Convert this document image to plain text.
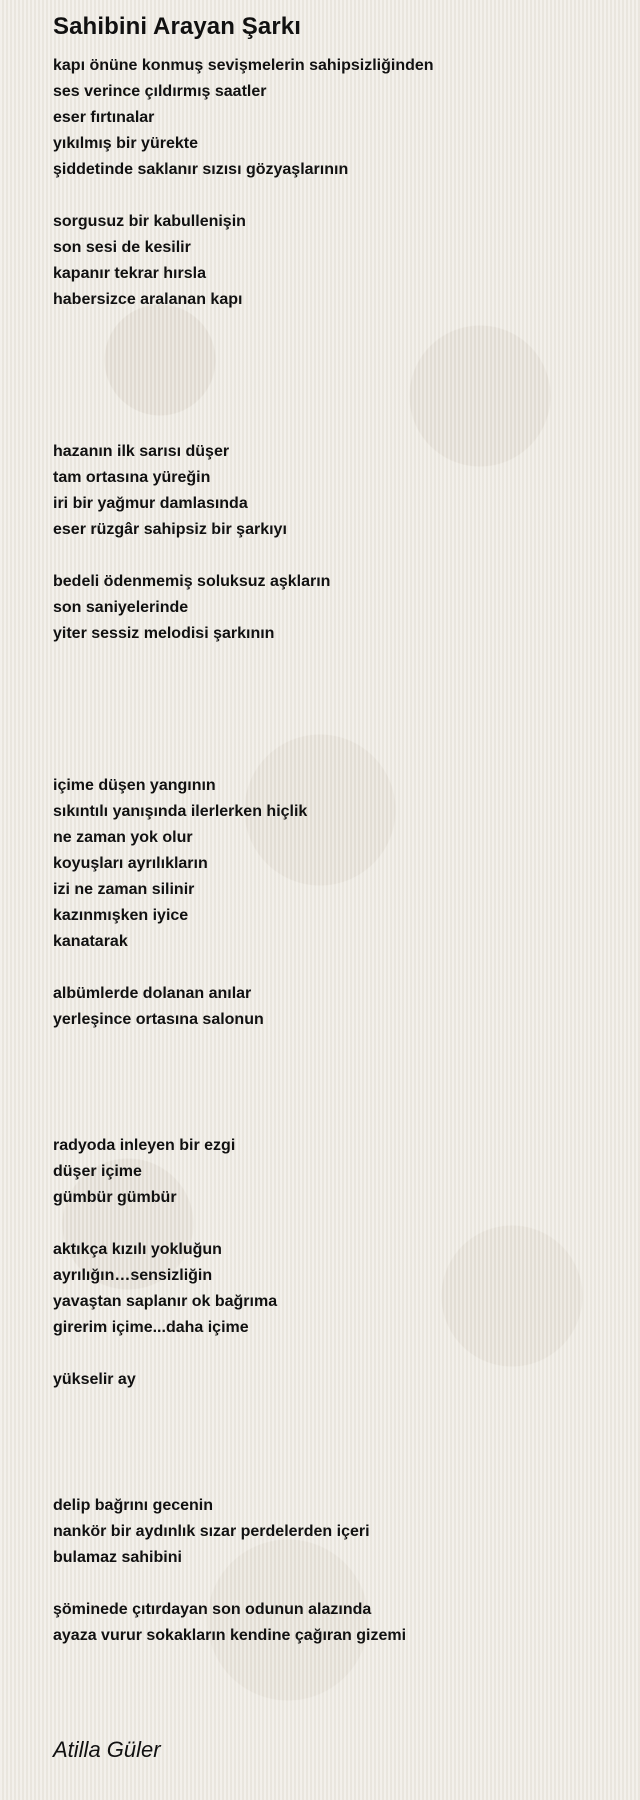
Sahibini Arayan Şarkı
kapı önüne konmuş sevişmelerin sahipsizliğinden
ses verince çıldırmış saatler
eser fırtınalar
yıkılmış bir yürekte
şiddetinde saklanır sızısı gözyaşlarının
sorgusuz bir kabullenişin
son sesi de kesilir
kapanır tekrar hırsla
habersizce aralanan kapı
hazanın ilk sarısı düşer
tam ortasına yüreğin
iri bir yağmur damlasında
eser rüzgâr sahipsiz bir şarkıyı
bedeli ödenmemiş soluksuz aşkların
son saniyelerinde
yiter sessiz melodisi şarkının
içime düşen yangının
sıkıntılı yanışında ilerlerken hiçlik
ne zaman yok olur
koyuşları ayrılıkların
izi ne zaman silinir
kazınmışken iyice
kanatarak
albümlerde dolanan anılar
yerleşince ortasına salonun
radyoda inleyen bir ezgi
düşer içime
gümbür gümbür
aktıkça kızılı yokluğun
ayrılığın…sensizliğin
yavaştan saplanır ok bağrıma
girerim içime...daha içime
yükselir ay
delip bağrını gecenin
nankör bir aydınlık sızar perdelerden içeri
bulamaz sahibini
şöminede çıtırdayan son odunun alazında
ayaza vurur sokakların kendine çağıran gizemi
Atilla Güler
